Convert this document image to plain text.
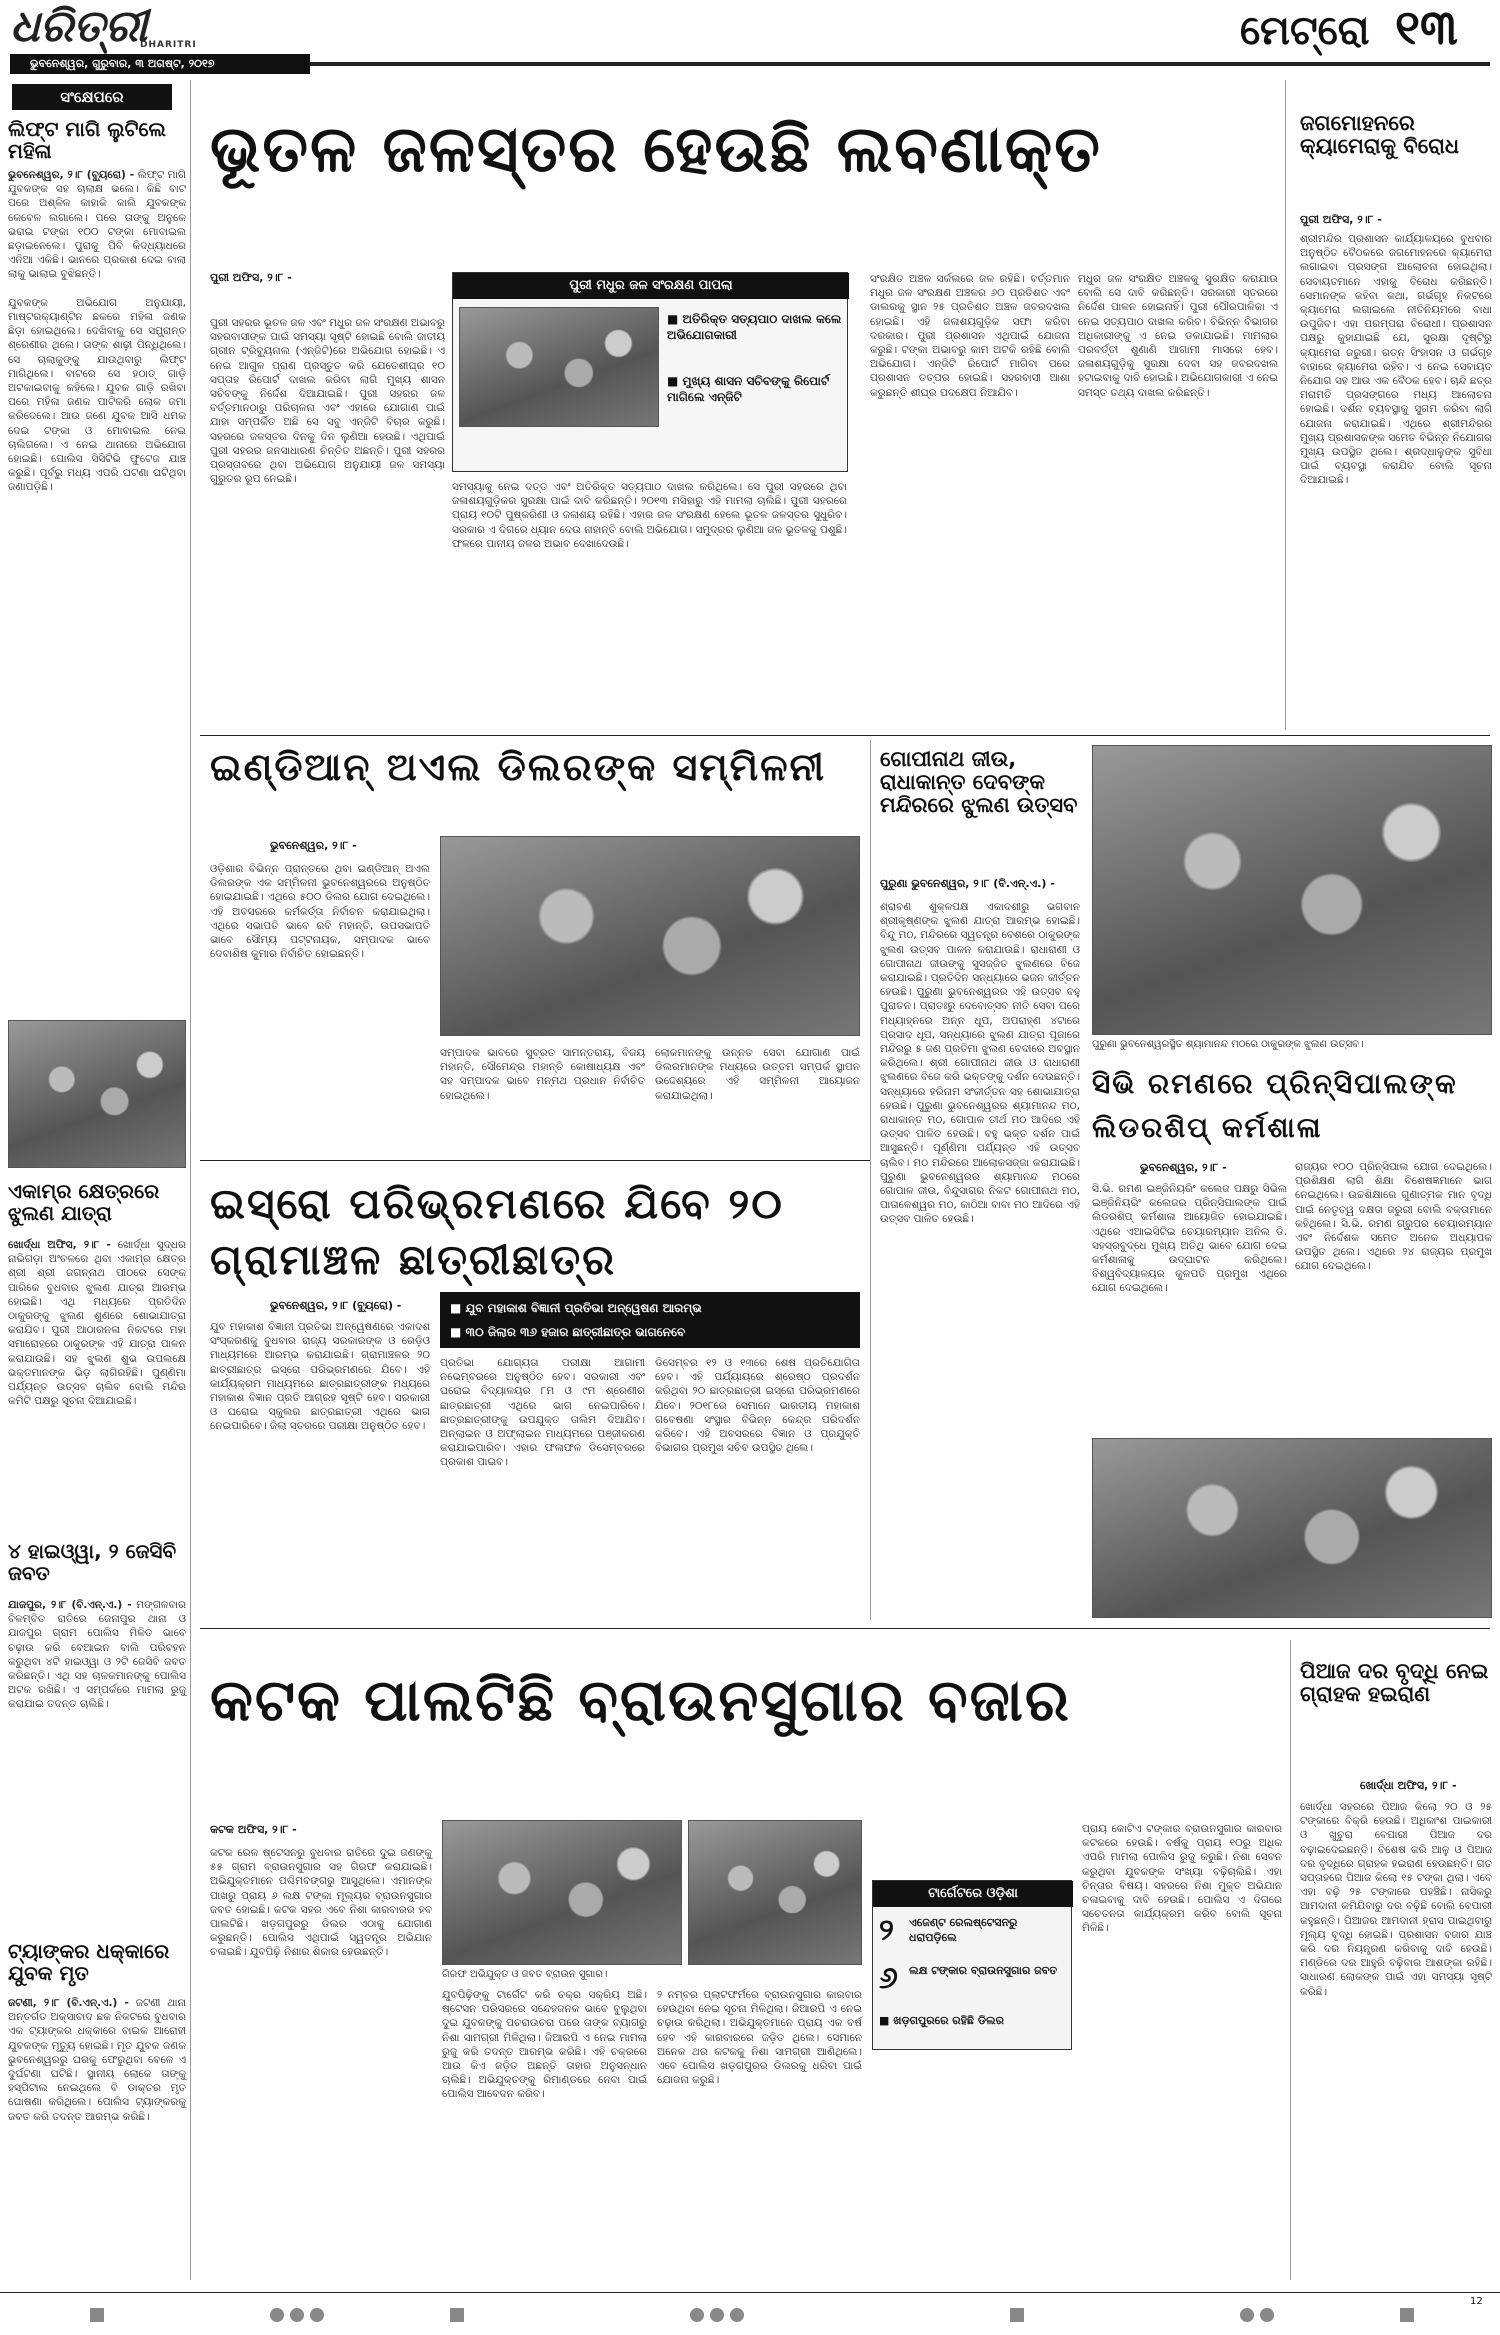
ଧରିତ୍ରୀ
DHARITRI
ଭୁବନେଶ୍ୱର, ଗୁରୁବାର, ୩ ଅଗଷ୍ଟ, ୨୦୧୭
ମେଟ୍ରୋ ୧୩
ସଂକ୍ଷେପରେ
ଲିଫ୍ଟ ମାଗି ଲୁଟିଲେ ମହିଳା
ଭୁବନେଶ୍ୱର, ୨।୮ (ବ୍ୟୁରୋ) - ଲିଫ୍ଟ ମାଗି ଯୁବକଙ୍କ ସହ ଚାଲାକ୍ଷ ଭଲେ। କିଛି ବାଟ ପରେ ଅଶ୍ଳିଳ କାହାକି କାଲି ଯୁବକଙ୍କ କେବେଳ ଲଗାଲେ। ପରେ ତାଙ୍କୁ ଅନୁକେ ଭରାଇ ଟଙ୍କା ୧୦୦ ଟଙ୍କା ମୋବାଇଲ ଛଡ଼ାଇନେଲେ। ପୁରାକୁ ପିବି କିଦ୍ଧ୍ୟାଧରେ ଏନିଆ ଏକିଛି। ଭାନରେ ପ୍ରକାଶ ଦେଇ ବାଲା ଲାକୁ ଭାଲାଇ ବୁଝିଛନ୍ତି।

ଯୁବକଙ୍କ ଅଭିଯୋଗ ଅନୁଯାୟୀ, ମାଷ୍ଟରକ୍ୟାଣ୍ଟିନ ଛକରେ ମହିଳା ଜଣକ ଛିଡ଼ା ହୋଇଥିଲେ। ଦେଖିବାକୁ ସେ ସମ୍ଭ୍ରାନ୍ତ ଶ୍ରେଣୀର ଥିଲେ। ତାଙ୍କ ଶାଢ଼ୀ ପିନ୍ଧିଥିଲେ। ସେ ଚାଲାକୁଙ୍କୁ ଯାଉଥିବାରୁ ଲିଫ୍ଟ ମାଗିଥିଲେ। ବାଟରେ ସେ ହଠାତ୍ ଗାଡ଼ି ଅଟକାଇବାକୁ କହିଲେ। ଯୁବକ ଗାଡ଼ି ରଖିବା ପରେ ମହିଳା ଜଣକ ପାଟିକରି ଲୋକ ଜମା କରିଦେଲେ। ଆଉ ଜଣେ ଯୁବକ ଆସି ଧମକ ଦେଇ ଟଙ୍କା ଓ ମୋବାଇଲ ନେଇ ଚାଲିଗଲେ। ଏ ନେଇ ଥାନାରେ ଅଭିଯୋଗ ହୋଇଛି। ପୋଲିସ ସିସିଟିଭି ଫୁଟେଜ ଯାଞ୍ଚ କରୁଛି। ପୂର୍ବରୁ ମଧ୍ୟ ଏପରି ଘଟଣା ଘଟିଥିବା ଜଣାପଡ଼ିଛି।
ଏକାମ୍ର କ୍ଷେତ୍ରରେ ଝୁଲଣ ଯାତ୍ରା
ଖୋର୍ଦ୍ଧା ଅଫିସ, ୨।୮ - ଖୋର୍ଦ୍ଧା ସୁଦ୍ଧର ନାଭିଗଡ଼ା ଅଂଚଳରେ ଥିବା ଏକାମ୍ର କ୍ଷେତ୍ର ଶ୍ରୀ ଶ୍ରୀ ଜଗନ୍ନାଥ ପୀଠରେ ସେଙ୍କ ପାରିକେ ବୁଧବାର ଝୁଲଣ ଯାତ୍ରା ଆରମ୍ଭ ହୋଇଛି। ଏଥି ମଧ୍ୟରେ ପ୍ରତିଦିନ ଠାକୁରଙ୍କୁ ଝୁଲଣ ଶୁଣରେ ଶୋଭାଯାତ୍ରା କରାଯିବ। ପୁରୀ ଆଠାରନଳା ନିକଟରେ ମହା ସମାରୋହରେ ଠାକୁରଙ୍କ ଏହି ଯାତ୍ରା ପାଳନ କରାଯାଉଛି। ସହ ଝୁଲଣ ଶୁଭ ଉପଲକ୍ଷେ ଭକ୍ତମାନଙ୍କ ଭିଡ଼ ଲାଗିରହିଛି। ପୁଣ୍ଣିମା ପର୍ଯ୍ୟନ୍ତ ଉତ୍ସବ ଚାଲିବ ବୋଲି ମନ୍ଦିର କମିଟି ପକ୍ଷରୁ ସୂଚନା ଦିଆଯାଇଛି।
୪ ହାଇଓ୍ୱା, ୨ ଜେସିବି ଜବତ
ଯାଜପୁର, ୨।୮ (ବି.ଏନ୍.ଏ.) - ମଙ୍ଗଳବାର ବିଳମ୍ବିତ ରାତିରେ ଜେନାପୁର ଥାନା ଓ ଯାଜପୁର ଗ୍ରାମ ପୋଲିସ ମିଳିତ ଭାବେ ଚଢ଼ାଉ କରି ବେଆଇନ ବାଲି ପରିବହନ କରୁଥିବା ୪ଟି ହାଇଓ୍ୱା ଓ ୨ଟି ଜେସିବି ଜବତ କରିଛନ୍ତି। ଏଥି ସହ ଚାଳକମାନଙ୍କୁ ପୋଲିସ ଅଟକ ରଖିଛି। ଏ ସମ୍ପର୍କରେ ମାମଲା ରୁଜୁ କରାଯାଇ ତଦନ୍ତ ଚାଲିଛି।
ଟ୍ୟାଙ୍କର ଧକ୍କାରେ ଯୁବକ ମୃତ
ଜଟଣୀ, ୨।୮ (ବି.ଏନ୍.ଏ.) - ଜଟଣୀ ଥାନା ଅନ୍ତର୍ଗତ ଅକ୍ସାବାଦ ଛକ ନିକଟରେ ବୁଧବାର ଏକ ଟ୍ୟାଙ୍କର ଧକ୍କାରେ ବାଇକ ଆରୋହୀ ଯୁବକଙ୍କ ମୃତ୍ୟୁ ହୋଇଛି। ମୃତ ଯୁବକ ଜଣକ ଭୁବନେଶ୍ୱରରୁ ଘରକୁ ଫେରୁଥିବା ବେଳେ ଏ ଦୁର୍ଘଟଣା ଘଟିଛି। ସ୍ଥାନୀୟ ଲୋକେ ତାଙ୍କୁ ହସ୍ପିଟାଲ ନେଇଥିଲେ ବି ଡାକ୍ତର ମୃତ ଘୋଷଣା କରିଥିଲେ। ପୋଲିସ ଟ୍ୟାଙ୍କରକୁ ଜବତ କରି ତଦନ୍ତ ଆରମ୍ଭ କରିଛି।
ଭୂତଳ ଜଳସ୍ତର ହେଉଛି ଲବଣାକ୍ତ
ପୁରୀ ଅଫିସ, ୨।୮ -
ପୁରୀ ମଧୁର ଜଳ ସଂରକ୍ଷଣ ପାପଲା
■ ଅତିରିକ୍ତ ସତ୍ୟପାଠ ଦାଖଲ କଲେ ଅଭିଯୋଗକାରୀ
■ ମୁଖ୍ୟ ଶାସନ ସଚିବଙ୍କୁ ରିପୋର୍ଟ ମାଗିଲେ ଏନ୍‌ଜିଟି
ପୁରୀ ସହରର ଭୂତଳ ଜଳ ଏବଂ ମଧୁର ଜଳ ସଂରକ୍ଷଣ ଅଭାବରୁ ସହରବାସୀଙ୍କ ପାଇଁ ସମସ୍ୟା ସୃଷ୍ଟି ହୋଇଛି ବୋଲି ଜାତୀୟ ଗ୍ରୀନ ଟ୍ରିବ୍ୟୁନାଲ (ଏନ୍‌ଜିଟି)ରେ ଅଭିଯୋଗ ହୋଇଛି। ଏ ନେଇ ଆଗୁଳ ପ୍ରାଣ ପ୍ରସ୍ତୁତ କରି ଯେତେଶୀଘ୍ର ୧୦ ସପ୍ତାହ ରିପୋର୍ଟ ଦାଖଲ କରିବା ଲାଗି ମୁଖ୍ୟ ଶାସନ ସଚିବଙ୍କୁ ନିର୍ଦ୍ଦେଶ ଦିଆଯାଇଛି। ପୁରୀ ସହରର ଜଳ ବର୍ତ୍ତମାନଠାରୁ ପରିଚାଳନା ଏବଂ ଏହାରେ ଯୋଗାଣ ପାଇଁ ଯାହା ସମ୍ପର୍କିତ ଅଛି ସେ ସବୁ ଏନ୍‌ଜିଟି ବିଚାର କରୁଛି। ସହରରେ ଜଳସ୍ତର ଦିନକୁ ଦିନ ଲୁଣିଆ ହେଉଛି। ଏଥିପାଇଁ ପୁରୀ ସହରର ଜନସାଧାରଣ ଚିନ୍ତିତ ଅଛନ୍ତି। ପୁରୀ ସହରର ପ୍ରସ୍ତାବରେ ଥିବା ଅଭିଯୋଗ ଅନୁଯାୟୀ ଜଳ ସମସ୍ୟା ଗୁରୁତର ରୂପ ନେଇଛି।
ସମସ୍ୟାକୁ ନେଇ ଦତ୍ତ ଏବଂ ଅତିରିକ୍ତ ସତ୍ୟପାଠ ଦାଖଲ କରିଥିଲେ। ସେ ପୁରୀ ସହରରେ ଥିବା ଜଳାଶୟଗୁଡ଼ିକର ସୁରକ୍ଷା ପାଇଁ ଦାବି କରିଛନ୍ତି। ୨୦୧୩ ମସିହାରୁ ଏହି ମାମଲା ଚାଲିଛି। ପୁରୀ ସହରରେ ପ୍ରାୟ ୧୦ଟି ପୁଷ୍କରିଣୀ ଓ ଜଳାଶୟ ରହିଛି। ଏହାର ଜଳ ସଂରକ୍ଷଣ ହେଲେ ଭୂତଳ ଜଳସ୍ତର ସୁଧୁରିବ। ସରକାର ଏ ଦିଗରେ ଧ୍ୟାନ ଦେଉ ନାହାନ୍ତି ବୋଲି ଅଭିଯୋଗ। ସମୁଦ୍ରର ଲୁଣିଆ ଜଳ ଭୂତଳକୁ ପଶୁଛି। ଫଳରେ ପାନୀୟ ଜଳର ଅଭାବ ଦେଖାଦେଉଛି।
ସଂରକ୍ଷିତ ଅଞ୍ଚଳ ସର୍କଲରେ ଜଳ ରହିଛି। ବର୍ତ୍ତମାନ ମଧୁର ଜଳ ସଂରକ୍ଷଣ ଅଞ୍ଚଳର ୬୦ ପ୍ରତିଶତ ଏବଂ ଡାଲରକୁ ସ୍ଥାନ ୨୫ ପ୍ରତିଶତ ଅଞ୍ଚଳ ଜବରଦଖଲ ହୋଇଛି। ଏହି ଜଳାଶୟଗୁଡ଼ିକ ସଫା କରିବା ଦରକାର। ପୁରୀ ପ୍ରଶାସନ ଏଥିପାଇଁ ଯୋଜନା କରୁଛି। ଟଙ୍କା ଅଭାବରୁ କାମ ଅଟକି ରହିଛି ବୋଲି ଅଭିଯୋଗ। ଏନ୍‌ଜିଟି ରିପୋର୍ଟ ମାଗିବା ପରେ ପ୍ରଶାସନ ତତ୍ପର ହୋଇଛି। ସହରବାସୀ ଆଶା କରୁଛନ୍ତି ଶୀଘ୍ର ପଦକ୍ଷେପ ନିଆଯିବ।
ମଧୁର ଜଳ ସଂରକ୍ଷିତ ଅଞ୍ଚଳକୁ ସୁରକ୍ଷିତ କରାଯାଉ ବୋଲି ସେ ଦାବି କରିଛନ୍ତି। ସରକାରୀ ସ୍ତରରେ ନିର୍ଦ୍ଦେଶ ପାଳନ ହୋଇନାହିଁ। ପୁରୀ ପୌରପାଳିକା ଏ ନେଇ ସତ୍ୟପାଠ ଦାଖଲ କରିବ। ବିଭିନ୍ନ ବିଭାଗର ଅଧିକାରୀଙ୍କୁ ଏ ନେଇ ଡକାଯାଇଛି। ମାମଲାର ପରବର୍ତ୍ତୀ ଶୁଣାଣି ଆଗାମୀ ମାସରେ ହେବ। ଜଳାଶୟଗୁଡ଼ିକୁ ସୁରକ୍ଷା ଦେବା ସହ ଜବରଦଖଲ ହଟାଇବାକୁ ଦାବି ହୋଇଛି। ଅଭିଯୋଗକାରୀ ଏ ନେଇ ସମସ୍ତ ତଥ୍ୟ ଦାଖଲ କରିଛନ୍ତି।
ଜଗମୋହନରେ କ୍ୟାମେରାକୁ ବିରୋଧ
ପୁରୀ ଅଫିସ, ୨।୮ -
ଶ୍ରୀମନ୍ଦିର ପ୍ରଶାସନ କାର୍ଯ୍ୟାଳୟରେ ବୁଧବାର ଅନୁଷ୍ଠିତ ବୈଠକରେ ଜଗମୋହନରେ କ୍ୟାମେରା ଲଗାଇବା ପ୍ରସଙ୍ଗ ଆଲୋଚନା ହୋଇଥିଲା। ସେବାୟତମାନେ ଏହାକୁ ବିରୋଧ କରିଛନ୍ତି। ସେମାନଙ୍କ କହିବା କଥା, ଗର୍ଭଗୃହ ନିକଟରେ କ୍ୟାମେରା ଲଗାଇଲେ ନୀତିନିୟମରେ ବାଧା ଉପୁଜିବ। ଏହା ପରମ୍ପରା ବିରୋଧୀ। ପ୍ରଶାସନ ପକ୍ଷରୁ କୁହାଯାଇଛି ଯେ, ସୁରକ୍ଷା ଦୃଷ୍ଟିରୁ କ୍ୟାମେରା ଜରୁରୀ। ରତ୍ନ ସିଂହାସନ ଓ ଗର୍ଭଗୃହ ବାହାରେ କ୍ୟାମେରା ରହିବ। ଏ ନେଇ ସେବାୟତ ନିଯୋଗ ସହ ଆଉ ଏକ ବୈଠକ ହେବ। ଚାନ୍ଦି ଛତ୍ର ମରାମତି ପ୍ରସଙ୍ଗରେ ମଧ୍ୟ ଆଲୋଚନା ହୋଇଛି। ଦର୍ଶନ ବ୍ୟବସ୍ଥାକୁ ସୁଗମ କରିବା ଲାଗି ଯୋଜନା କରାଯାଇଛି। ଏଥିରେ ଶ୍ରୀମନ୍ଦିରର ମୁଖ୍ୟ ପ୍ରଶାସକଙ୍କ ସମେତ ବିଭିନ୍ନ ନିଯୋଗର ମୁଖ୍ୟ ଉପସ୍ଥିତ ଥିଲେ। ଶ୍ରଦ୍ଧାଳୁଙ୍କ ସୁବିଧା ପାଇଁ ବ୍ୟବସ୍ଥା କରାଯିବ ବୋଲି ସୂଚନା ଦିଆଯାଇଛି।
ଇଣ୍ଡିଆନ୍ ଅଏଲ ଡିଲରଙ୍କ ସମ୍ମିଳନୀ
ଭୁବନେଶ୍ୱର, ୨।୮ -
ଓଡ଼ିଶାର ବିଭିନ୍ନ ପ୍ରାନ୍ତରେ ଥିବା ଇଣ୍ଡିଆନ୍ ଅଏଲ ଡିଲରଙ୍କ ଏକ ସମ୍ମିଳନୀ ଭୁବନେଶ୍ୱରରେ ଅନୁଷ୍ଠିତ ହୋଇଯାଇଛି। ଏଥିରେ ୫୦୦ ଡିଲର ଯୋଗ ଦେଇଥିଲେ। ଏହି ଅବସରରେ କର୍ମକର୍ତ୍ତା ନିର୍ବାଚନ କରାଯାଇଥିଲା। ଏଥିରେ ସଭାପତି ଭାବେ ରବି ମହାନ୍ତି, ଉପସଭାପତି ଭାବେ ସୌମ୍ୟ ପଟ୍ଟନାୟକ, ସମ୍ପାଦକ ଭାବେ ଦେବାଶିଷ କୁମାର ନିର୍ବାଚିତ ହୋଇଛନ୍ତି।
ସମ୍ପାଦକ ଭାବରେ ସୁବ୍ରତ ସାମନ୍ତରାୟ, ବିଜୟ ମହାନ୍ତି, ସୌମେନ୍ଦ୍ର ମହାନ୍ତି କୋଷାଧ୍ୟକ୍ଷ ଏବଂ ସହ ସମ୍ପାଦକ ଭାବେ ମନ୍ମଥ ପ୍ରଧାନ ନିର୍ବାଚିତ ହୋଇଥିଲେ।
ଲୋକମାନଙ୍କୁ ଉନ୍ନତ ସେବା ଯୋଗାଣ ପାଇଁ ଡିଲରମାନଙ୍କ ମଧ୍ୟରେ ଉତ୍ତମ ସମ୍ପର୍କ ସ୍ଥାପନ ଉଦ୍ଦେଶ୍ୟରେ ଏହି ସମ୍ମିଳନୀ ଆୟୋଜନ କରାଯାଇଥିଲା।
ଗୋପୀନାଥ ଜୀଉ, ରାଧାକାନ୍ତ ଦେବଙ୍କ ମନ୍ଦିରରେ ଝୁଲଣ ଉତ୍ସବ
ପୁରୁଣା ଭୁବନେଶ୍ୱର, ୨।୮ (ବି.ଏନ୍.ଏ.) -
ଶ୍ରାବଣ ଶୁକ୍ଳପକ୍ଷ ଏକାଦଶୀରୁ ଭଗବାନ ଶ୍ରୀକୃଷ୍ଣଙ୍କ ଝୁଲଣ ଯାତ୍ରା ଆରମ୍ଭ ହୋଇଛି। ବିନ୍ଦୁ ମଠ, ମନ୍ଦିରରେ ସ୍ୱତନ୍ତ୍ର ବେଶରେ ଠାକୁରଙ୍କ ଝୁଲଣ ଉତ୍ସବ ପାଳନ କରାଯାଉଛି। ରାଧାରାଣୀ ଓ ଗୋପୀନାଥ ଜୀଉଙ୍କୁ ସୁସଜ୍ଜିତ ଝୁଲଣରେ ବିଜେ କରାଯାଇଛି। ପ୍ରତିଦିନ ସନ୍ଧ୍ୟାରେ ଭଜନ କୀର୍ତ୍ତନ ହେଉଛି। ପୁରୁଣା ଭୁବନେଶ୍ୱରର ଏହି ଉତ୍ସବ ବହୁ ପୁରାତନ। ପ୍ରାତଃରୁ ଦେବୋତ୍ସବ ନୀତି ସେବା ପରେ ମଧ୍ୟାହ୍ନରେ ଅନ୍ନ ଧୂପ, ଅପରାହ୍ଣ ୪ଟାରେ ପ୍ରସାଦ ଧୂପ, ସନ୍ଧ୍ୟାରେ ଝୁଲଣ ଯାତ୍ରା ପୂଜାରେ ମନ୍ଦିରରୁ ୫ ଜଣ ପ୍ରତିମା ଝୁଲଣ ବେଦୀରେ ଅବସ୍ଥାନ କରିଥିଲେ। ଶ୍ରୀ ଗୋପୀନାଥ ଜୀଉ ଓ ରାଧାରାଣୀ ଝୁଲଣରେ ବିଜେ କରି ଭକ୍ତଙ୍କୁ ଦର୍ଶନ ଦେଉଛନ୍ତି। ସନ୍ଧ୍ୟାରେ ହରିନାମ ସଂକୀର୍ତ୍ତନ ସହ ଶୋଭାଯାତ୍ରା ହେଉଛି। ପୁରୁଣା ଭୁବନେଶ୍ୱରର ଶ୍ୟାମାନନ୍ଦ ମଠ, ରାଧାକାନ୍ତ ମଠ, ଗୋପାଳ ତୀର୍ଥ ମଠ ଆଦିରେ ଏହି ଉତ୍ସବ ପାଳିତ ହେଉଛି। ବହୁ ଭକ୍ତ ଦର୍ଶନ ପାଇଁ ଆସୁଛନ୍ତି। ପୂର୍ଣ୍ଣିମା ପର୍ଯ୍ୟନ୍ତ ଏହି ଉତ୍ସବ ଚାଲିବ। ମଠ ମନ୍ଦିରରେ ଆଲୋକସଜ୍ଜା କରାଯାଇଛି। ପୁରୁଣା ଭୁବନେଶ୍ୱରର ଶ୍ୟାମାନନ୍ଦ ମଠରେ ଗୋପାଳ ଜୀଉ, ବିନ୍ଦୁସାଗର ନିକଟ ଗୋପୀନାଥ ମଠ, ପାତାଳେଶ୍ୱର ମଠ, କାଠିଆ ବାବା ମଠ ଆଦିରେ ଏହି ଉତ୍ସବ ପାଳିତ ହେଉଛି।
ପୁରୁଣା ଭୁବନେଶ୍ୱରସ୍ଥିତ ଶ୍ୟାମାନନ୍ଦ ମଠରେ ଠାକୁରଙ୍କ ଝୁଲଣ ଉତ୍ସବ।
ସିଭି ରମଣରେ ପ୍ରିନ୍ସିପାଲଙ୍କ ଲିଡରଶିପ୍ କର୍ମଶାଳା
ଭୁବନେଶ୍ୱର, ୨।୮ -
ସି.ଭି. ରମଣ ଇଞ୍ଜିନିୟରିଂ କଲେଜ ପକ୍ଷରୁ ସିଭିଲ ଇଞ୍ଜିନିୟରିଂ କଲେଜର ପ୍ରିନ୍ସିପାଲଙ୍କ ପାଇଁ ଲିଡରଶିପ୍ କର୍ମଶାଳା ଆୟୋଜିତ ହୋଇଯାଇଛି। ଏଥିରେ ଏଆଇସିଟିଇ ଚେୟାରମ୍ୟାନ ଅନିଲ ଡି. ସହସ୍ରବୁଦ୍ଧେ ମୁଖ୍ୟ ଅତିଥି ଭାବେ ଯୋଗ ଦେଇ କର୍ମଶାଳାକୁ ଉଦ୍‌ଘାଟନ କରିଥିଲେ। ବିଶ୍ୱବିଦ୍ୟାଳୟର କୁଳପତି ପ୍ରମୁଖ ଏଥିରେ ଯୋଗ ଦେଇଥିଲେ।
ରାଜ୍ୟର ୧୦୦ ପ୍ରିନ୍ସିପାଲ ଯୋଗ ଦେଇଥିଲେ। ପ୍ରଶିକ୍ଷଣ ଲାଗି ଶିକ୍ଷା ବିଶେଷଜ୍ଞମାନେ ଭାଗ ନେଇଥିଲେ। ଉଚ୍ଚଶିକ୍ଷାରେ ଗୁଣାତ୍ମକ ମାନ ବୃଦ୍ଧି ପାଇଁ ନେତୃତ୍ୱ ଦକ୍ଷତା ଜରୁରୀ ବୋଲି ବକ୍ତାମାନେ କହିଥିଲେ। ସି.ଭି. ରମଣ ଗ୍ରୁପର ଚେୟାରମ୍ୟାନ ଏବଂ ନିର୍ଦ୍ଦେଶକ ସମେତ ଅନେକ ଅଧ୍ୟାପକ ଉପସ୍ଥିତ ଥିଲେ। ଏଥିରେ ୨୪ ରାଜ୍ୟର ପ୍ରମୁଖ ଯୋଗ ଦେଇଥିଲେ।
ଇସ୍ରୋ ପରିଭ୍ରମଣରେ ଯିବେ ୨୦ ଗ୍ରାମାଞ୍ଚଳ ଛାତ୍ରୀଛାତ୍ର
ଭୁବନେଶ୍ୱର, ୨।୮ (ବ୍ୟୁରୋ) -	■ ଯୁବ ମହାକାଶ ବିଜ୍ଞାନୀ ପ୍ରତିଭା ଅନ୍ୱେଷଣ ଆରମ୍ଭ
■ ୩୦ ଜିଲାର ୩୬ ହଜାର ଛାତ୍ରୀଛାତ୍ର ଭାଗନେବେ
ଯୁବ ମହାକାଶ ବିଜ୍ଞାନୀ ପ୍ରତିଭା ଅନ୍ୱେଷଣରେ ଏକାଦଶ ସଂସ୍କରଣକୁ ବୁଧବାର ରାଜ୍ୟ ସରକାରଙ୍କ ଓ ରେଡ଼ିଓ ମାଧ୍ୟମରେ ଆରମ୍ଭ କରାଯାଇଛି। ଗ୍ରାମାଞ୍ଚଳର ୨୦ ଛାତ୍ରୀଛାତ୍ର ଇସ୍ରୋ ପରିଭ୍ରମଣରେ ଯିବେ। ଏହି କାର୍ଯ୍ୟକ୍ରମ ମାଧ୍ୟମରେ ଛାତ୍ରଛାତ୍ରୀଙ୍କ ମଧ୍ୟରେ ମହାକାଶ ବିଜ୍ଞାନ ପ୍ରତି ଆଗ୍ରହ ସୃଷ୍ଟି ହେବ। ସରକାରୀ ଓ ଘରୋଇ ସ୍କୁଲର ଛାତ୍ରଛାତ୍ରୀ ଏଥିରେ ଭାଗ ନେଇପାରିବେ। ଜିଲା ସ୍ତରରେ ପରୀକ୍ଷା ଅନୁଷ୍ଠିତ ହେବ।
ପ୍ରତିଭା ଯୋଗ୍ୟତା ପରୀକ୍ଷା ଆଗାମୀ ନଭେମ୍ବରରେ ଅନୁଷ୍ଠିତ ହେବ। ସରକାରୀ ଏବଂ ଘରୋଇ ବିଦ୍ୟାଳୟର ୮ମ ଓ ୯ମ ଶ୍ରେଣୀର ଛାତ୍ରଛାତ୍ରୀ ଏଥିରେ ଭାଗ ନେଇପାରିବେ। ଛାତ୍ରଛାତ୍ରୀଙ୍କୁ ଉପଯୁକ୍ତ ତାଲିମ ଦିଆଯିବ। ଅନ୍‌ଲାଇନ ଓ ଅଫ୍‌ଲାଇନ ମାଧ୍ୟମରେ ପଞ୍ଜୀକରଣ କରାଯାଇପାରିବ। ଏହାର ଫଳାଫଳ ଡିସେମ୍ବରରେ ପ୍ରକାଶ ପାଇବ।
ଡିସେମ୍ବର ୧୨ ଓ ୧୩ରେ ଶେଷ ପ୍ରତିଯୋଗିତା ହେବ। ଏହି ପର୍ଯ୍ୟାୟରେ ଶ୍ରେଷ୍ଠ ପ୍ରଦର୍ଶନ କରିଥିବା ୨୦ ଛାତ୍ରଛାତ୍ରୀ ଇସ୍ରୋ ପରିଭ୍ରମଣରେ ଯିବେ। ୨୦୧୮ରେ ସେମାନେ ଭାରତୀୟ ମହାକାଶ ଗବେଷଣା ସଂସ୍ଥାର ବିଭିନ୍ନ କେନ୍ଦ୍ର ପରିଦର୍ଶନ କରିବେ। ଏହି ଅବସରରେ ବିଜ୍ଞାନ ଓ ପ୍ରଯୁକ୍ତି ବିଭାଗର ପ୍ରମୁଖ ସଚିବ ଉପସ୍ଥିତ ଥିଲେ।
କଟକ ପାଲଟିଛି ବ୍ରାଉନସୁଗାର ବଜାର
କଟକ ଅଫିସ, ୨।୮ -
ଗିରଫ ଅଭିଯୁକ୍ତ ଓ ଜବତ ବ୍ରାଉନ ସୁଗାର।
କଟକ ରେଳ ଷ୍ଟେସନରୁ ବୁଧବାର ରାତିରେ ଦୁଇ ଜଣଙ୍କୁ ୫୫ ଗ୍ରାମ ବ୍ରାଉନସୁଗାର ସହ ଗିରଫ କରାଯାଇଛି। ଅଭିଯୁକ୍ତମାନେ ପଶ୍ଚିମବଙ୍ଗରୁ ଆସୁଥିଲେ। ଏମାନଙ୍କ ପାଖରୁ ପ୍ରାୟ ୬ ଲକ୍ଷ ଟଙ୍କା ମୂଲ୍ୟର ବ୍ରାଉନସୁଗାର ଜବତ ହୋଇଛି। କଟକ ସହର ଏବେ ନିଶା କାରବାରର ହବ ପାଲଟିଛି। ଖଡ଼ଗପୁରରୁ ଡିଲର ଏଠାକୁ ଯୋଗାଣ କରୁଛନ୍ତି। ପୋଲିସ ଏଥିପାଇଁ ସ୍ୱତନ୍ତ୍ର ଅଭିଯାନ ଚଳାଇଛି। ଯୁବପିଢ଼ି ନିଶାର ଶିକାର ହେଉଛନ୍ତି।
ଯୁବପିଢ଼ିଙ୍କୁ ଟାର୍ଗେଟ କରି ଚକ୍ର ସକ୍ରିୟ ଅଛି। ଷ୍ଟେସନ ପରିସରରେ ସନ୍ଦେହଜନକ ଭାବେ ବୁଲୁଥିବା ଦୁଇ ଯୁବକଙ୍କୁ ପଚରାଉଚରା ପରେ ତାଙ୍କ ବ୍ୟାଗରୁ ନିଶା ସାମଗ୍ରୀ ମିଳିଥିଲା। ଜିଆରପି ଏ ନେଇ ମାମଲା ରୁଜୁ କରି ତଦନ୍ତ ଆରମ୍ଭ କରିଛି। ଏହି ଚକ୍ରରେ ଆଉ କିଏ ଜଡ଼ିତ ଅଛନ୍ତି ତାହାର ଅନୁସନ୍ଧାନ ଚାଲିଛି। ଅଭିଯୁକ୍ତଙ୍କୁ ରିମାଣ୍ଡରେ ନେବା ପାଇଁ ପୋଲିସ ଆବେଦନ କରିବ।
୨ ନମ୍ବର ପ୍ଲାଟଫର୍ମରେ ବ୍ରାଉନସୁଗାର କାରବାର ହେଉଥିବା ନେଇ ସୂଚନା ମିଳିଥିଲା। ଜିଆରପି ଏ ନେଇ ଚଢ଼ାଉ କରିଥିଲା। ଅଭିଯୁକ୍ତମାନେ ପ୍ରାୟ ଏକ ବର୍ଷ ହେବ ଏହି କାରବାରରେ ଜଡ଼ିତ ଥିଲେ। ସେମାନେ ଅନେକ ଥର କଟକକୁ ନିଶା ସାମଗ୍ରୀ ଆଣିଥିଲେ। ଏବେ ପୋଲିସ ଖଡ଼ଗପୁରର ଡିଲରକୁ ଧରିବା ପାଇଁ ଯୋଜନା କରୁଛି।
ଟାର୍ଗେଟରେ ଓଡ଼ିଶା
୨ ଏଜେଣ୍ଟ ରେଲଷ୍ଟେସନରୁ ଧରାପଡ଼ିଲେ
୬ ଲକ୍ଷ ଟଙ୍କାର ବ୍ରାଉନସୁଗାର ଜବତ
■ ଖଡ଼ଗପୁରରେ ରହିଛି ଡିଲର
ପ୍ରାୟ କୋଟିଏ ଟଙ୍କାର ବ୍ରାଉନସୁଗାର କାରବାର କଟକରେ ହେଉଛି। ବର୍ଷକୁ ପ୍ରାୟ ୧୦ରୁ ଅଧିକ ଏପରି ମାମଲା ପୋଲିସ ରୁଜୁ କରୁଛି। ନିଶା ସେବନ କରୁଥିବା ଯୁବକଙ୍କ ସଂଖ୍ୟା ବଢ଼ିଚାଲିଛି। ଏହା ଚିନ୍ତାର ବିଷୟ। ସହରରେ ନିଶା ମୁକ୍ତ ଅଭିଯାନ ଚଳାଇବାକୁ ଦାବି ହେଉଛି। ପୋଲିସ ଏ ଦିଗରେ ସଚେତନତା କାର୍ଯ୍ୟକ୍ରମ କରିବ ବୋଲି ସୂଚନା ମିଳିଛି।
ପିଆଜ ଦର ବୃଦ୍ଧି ନେଇ ଗ୍ରାହକ ହଇରାଣ
ଖୋର୍ଦ୍ଧା ଅଫିସ, ୨।୮ -
ଖୋର୍ଦ୍ଧା ସହରରେ ପିଆଜ କିଲୋ ୨୦ ଓ ୨୫ ଟଙ୍କାରେ ବିକ୍ରି ହେଉଛି। ଅଧିକାଂଶ ପାଇକାରୀ ଓ ଖୁଚୁରା ବେପାରୀ ପିଆଜ ଦର ବଢ଼ାଇଦେଇଛନ୍ତି। ବିଶେଷ କରି ଆଳୁ ଓ ପିଆଜ ଦର ବୃଦ୍ଧିରେ ଗ୍ରାହକ ହଇରାଣ ହେଉଛନ୍ତି। ଗତ ସପ୍ତାହରେ ପିଆଜ କିଲୋ ୧୫ ଟଙ୍କା ଥିଲା। ଏବେ ଏହା ବଢ଼ି ୨୫ ଟଙ୍କାରେ ପହଞ୍ଚିଛି। ନାସିକରୁ ଆମଦାନୀ କମିଯିବାରୁ ଦର ବଢ଼ିଛି ବୋଲି ବେପାରୀ କହୁଛନ୍ତି। ପିଆଜର ଆମଦାନୀ ହ୍ରାସ ପାଇଥିବାରୁ ମୂଲ୍ୟ ବୃଦ୍ଧି ହୋଇଛି। ପ୍ରଶାସନ ବଜାର ଯାଞ୍ଚ କରି ଦର ନିୟନ୍ତ୍ରଣ କରିବାକୁ ଦାବି ହେଉଛି। ମଣ୍ଡିରେ ଦର ଆହୁରି ବଢ଼ିବାର ଆଶଙ୍କା ରହିଛି। ସାଧାରଣ ଲୋକଙ୍କ ପାଇଁ ଏହା ସମସ୍ୟା ସୃଷ୍ଟି କରିଛି।
12
